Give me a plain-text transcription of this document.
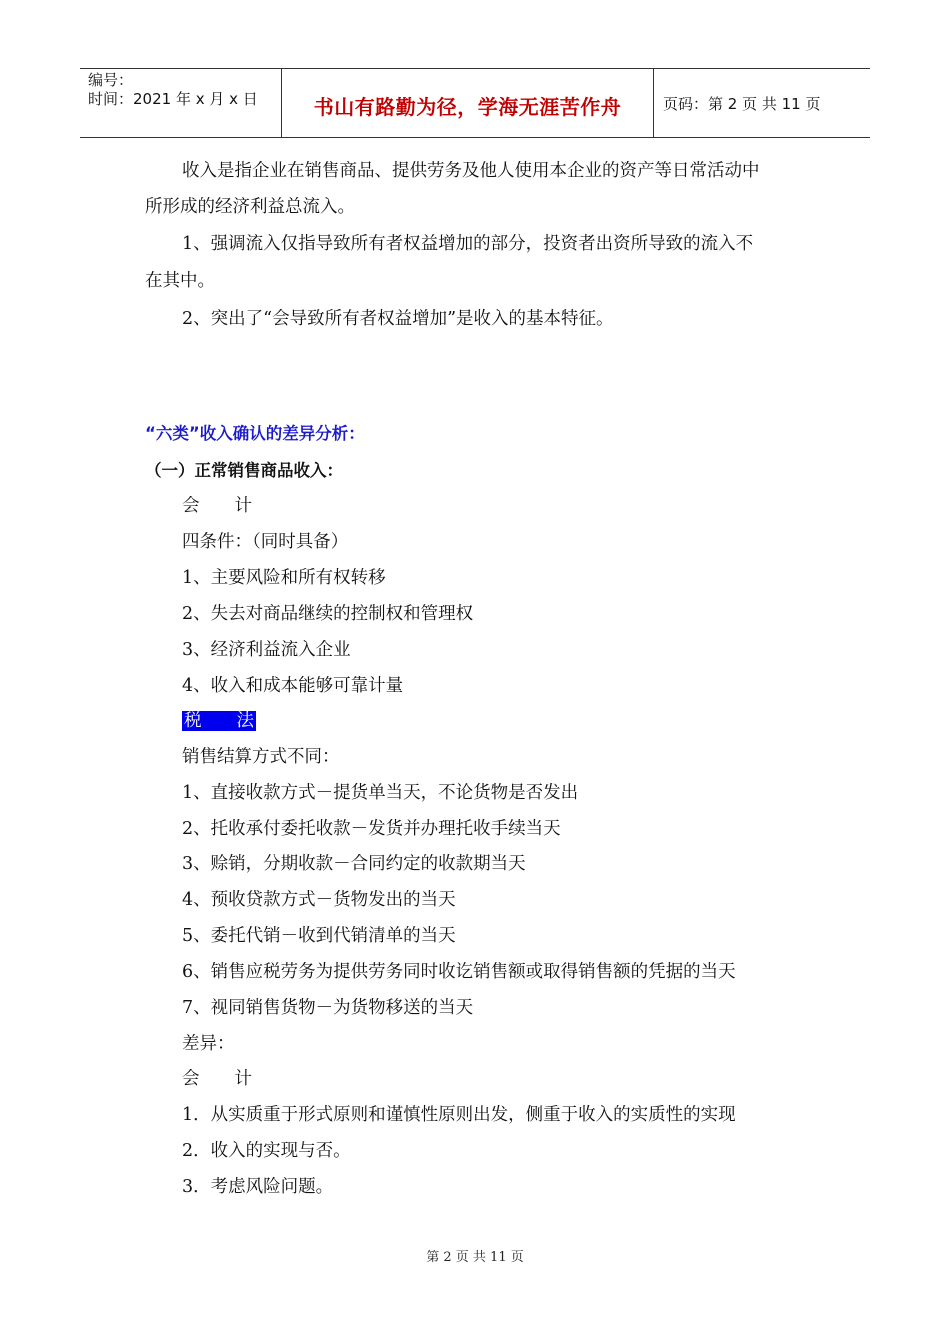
编号：
时间：2021 年 x 月 x 日	书山有路勤为径，学海无涯苦作舟	页码：第 2 页 共 11 页
收入是指企业在销售商品、提供劳务及他人使用本企业的资产等日常活动中
所形成的经济利益总流入。
1、强调流入仅指导致所有者权益增加的部分，投资者出资所导致的流入不
在其中。
2、突出了“会导致所有者权益增加”是收入的基本特征。
“六类”收入确认的差异分析：
（一）正常销售商品收入：
会　　计
四条件：（同时具备）
1、主要风险和所有权转移
2、失去对商品继续的控制权和管理权
3、经济利益流入企业
4、收入和成本能够可靠计量
税　　法
销售结算方式不同：
1、直接收款方式－提货单当天，不论货物是否发出
2、托收承付委托收款－发货并办理托收手续当天
3、赊销，分期收款－合同约定的收款期当天
4、预收贷款方式－货物发出的当天
5、委托代销－收到代销清单的当天
6、销售应税劳务为提供劳务同时收讫销售额或取得销售额的凭据的当天
7、视同销售货物－为货物移送的当天
差异：
会　　计
1．从实质重于形式原则和谨慎性原则出发，侧重于收入的实质性的实现
2．收入的实现与否。
3．考虑风险问题。
第 2 页 共 11 页
